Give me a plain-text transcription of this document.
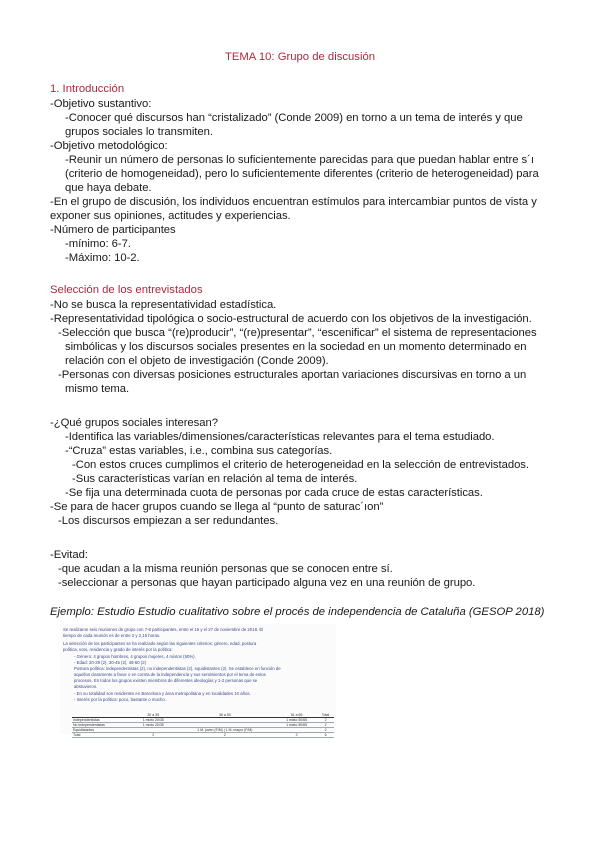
TEMA 10: Grupo de discusión
1. Introducción
-Objetivo sustantivo:
-Conocer qué discursos han “cristalizado” (Conde 2009) en torno a un tema de interés y que
grupos sociales lo transmiten.
-Objetivo metodológico:
-Reunir un número de personas lo suficientemente parecidas para que puedan hablar entre s´ı
(criterio de homogeneidad), pero lo suficientemente diferentes (criterio de heterogeneidad) para
que haya debate.
-En el grupo de discusión, los individuos encuentran estímulos para intercambiar puntos de vista y
exponer sus opiniones, actitudes y experiencias.
-Número de participantes
-mínimo: 6-7.
-Máximo: 10-2.
Selección de los entrevistados
-No se busca la representatividad estadística.
-Representatividad tipológica o socio-estructural de acuerdo con los objetivos de la investigación.
-Selección que busca “(re)producir”, “(re)presentar”, “escenificar” el sistema de representaciones
simbólicas y los discursos sociales presentes en la sociedad en un momento determinado en
relación con el objeto de investigación (Conde 2009).
-Personas con diversas posiciones estructurales aportan variaciones discursivas en torno a un
mismo tema.
-¿Qué grupos sociales interesan?
-Identifica las variables/dimensiones/características relevantes para el tema estudiado.
-“Cruza” estas variables, i.e., combina sus categorías.
-Con estos cruces cumplimos el criterio de heterogeneidad en la selección de entrevistados.
-Sus características varían en relación al tema de interés.
-Se fija una determinada cuota de personas por cada cruce de estas características.
-Se para de hacer grupos cuando se llega al “punto de saturac´ıon”
-Los discursos empiezan a ser redundantes.
-Evitad:
-que acudan a la misma reunión personas que se conocen entre sí.
-seleccionar a personas que hayan participado alguna vez en una reunión de grupo.
Ejemplo: Estudio Estudio cualitativo sobre el procés de independencia de Cataluña (GESOP 2018)
Se realizaron seis reuniones de grupo con 7-8 participantes, entre el 15 y el 27 de noviembre de 2018. El
tiempo de cada reunión es de entre 2 y 2,15 horas.
La selección de los participantes se ha realizado según las siguientes criterios: género, edad, postura
política, voto, residencia y grado de interés por la política:
- Género: 4 grupos hombres, 4 grupos mujeres, 4 mixtos (50%).
- Edad: 20-29 (2), 30-45 (2), 46-60 (2)
Postura política: independentistas (2), no independentistas (2), equidistantes (2). Se establece en función de
aquellos claramente a favor o en contra de la independencia y sus sentimientos por el tema de estos
procesos. En todos los grupos existen miembros de diferentes ideologías y 1-2 personas que se
abstuvieron.
- En su totalidad son residentes en Barcelona y área metropolitana y en localidades 10 años.
- Interés por la política: poco, bastante o mucho.
	20 a 35	36 a 50	51 a 65	Total
Independentistas	1 mixto 20/35		1 mixto 50/65	2
No independentistas	1 mixto 20/35		1 mixto 50/65	2
Equidistantes		1 M. joven (F/M) | 1 M. mayor (F/M)		2
Total	2	2	2	6
